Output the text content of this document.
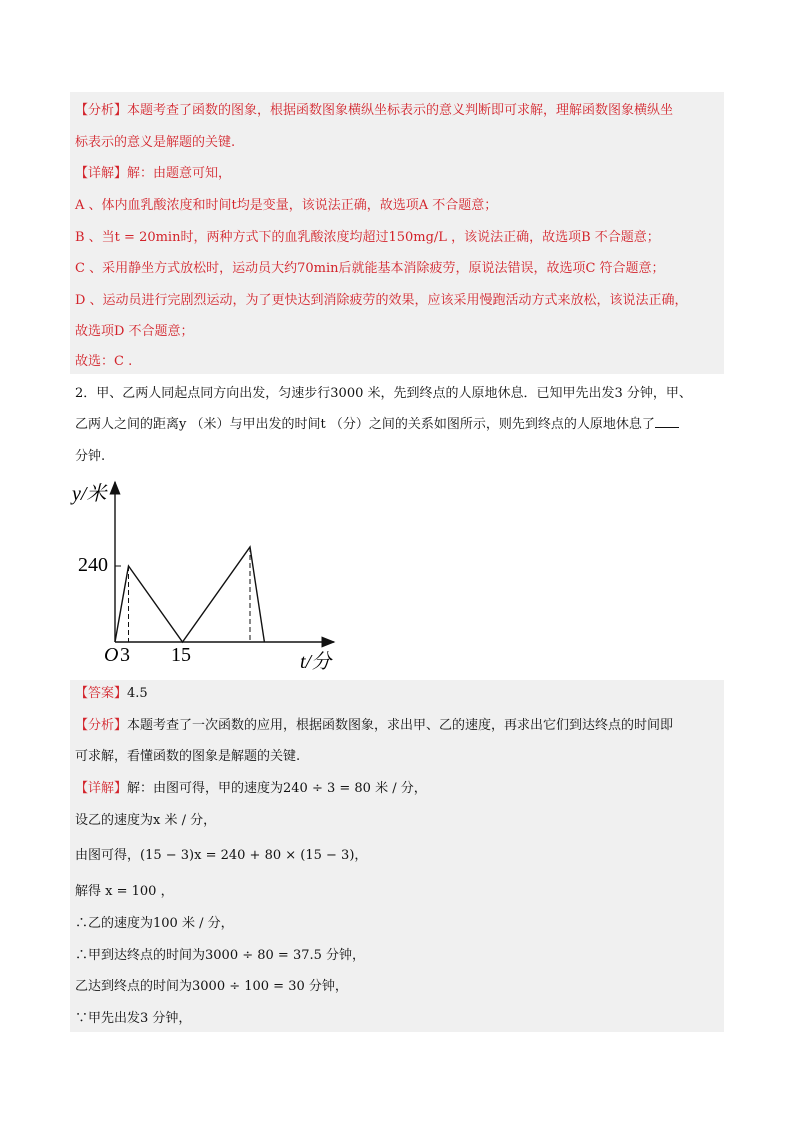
【分析】本题考查了函数的图象，根据函数图象横纵坐标表示的意义判断即可求解，理解函数图象横纵坐
标表示的意义是解题的关键.
【详解】解：由题意可知，
A 、体内血乳酸浓度和时间t均是变量，该说法正确，故选项A 不合题意；
B 、当t = 20min时，两种方式下的血乳酸浓度均超过150mg/L ，该说法正确，故选项B 不合题意；
C 、采用静坐方式放松时，运动员大约70min后就能基本消除疲劳，原说法错误，故选项C 符合题意；
D 、运动员进行完剧烈运动，为了更快达到消除疲劳的效果，应该采用慢跑活动方式来放松，该说法正确，
故选项D 不合题意；
故选：C .
2．甲、乙两人同起点同方向出发，匀速步行3000 米，先到终点的人原地休息．已知甲先出发3 分钟，甲、
乙两人之间的距离y （米）与甲出发的时间t （分）之间的关系如图所示，则先到终点的人原地休息了
分钟.
y/米
t/分
O 3 15
240
【答案】4.5
【分析】本题考查了一次函数的应用，根据函数图象，求出甲、乙的速度，再求出它们到达终点的时间即
可求解，看懂函数的图象是解题的关键.
【详解】解：由图可得，甲的速度为240 ÷ 3 = 80 米 / 分，
设乙的速度为x 米 / 分，
由图可得，(15 − 3)x = 240 + 80 × (15 − 3)，
解得 x = 100 ，
∴乙的速度为100 米 / 分，
∴甲到达终点的时间为3000 ÷ 80 = 37.5 分钟，
乙达到终点的时间为3000 ÷ 100 = 30 分钟，
∵甲先出发3 分钟，
